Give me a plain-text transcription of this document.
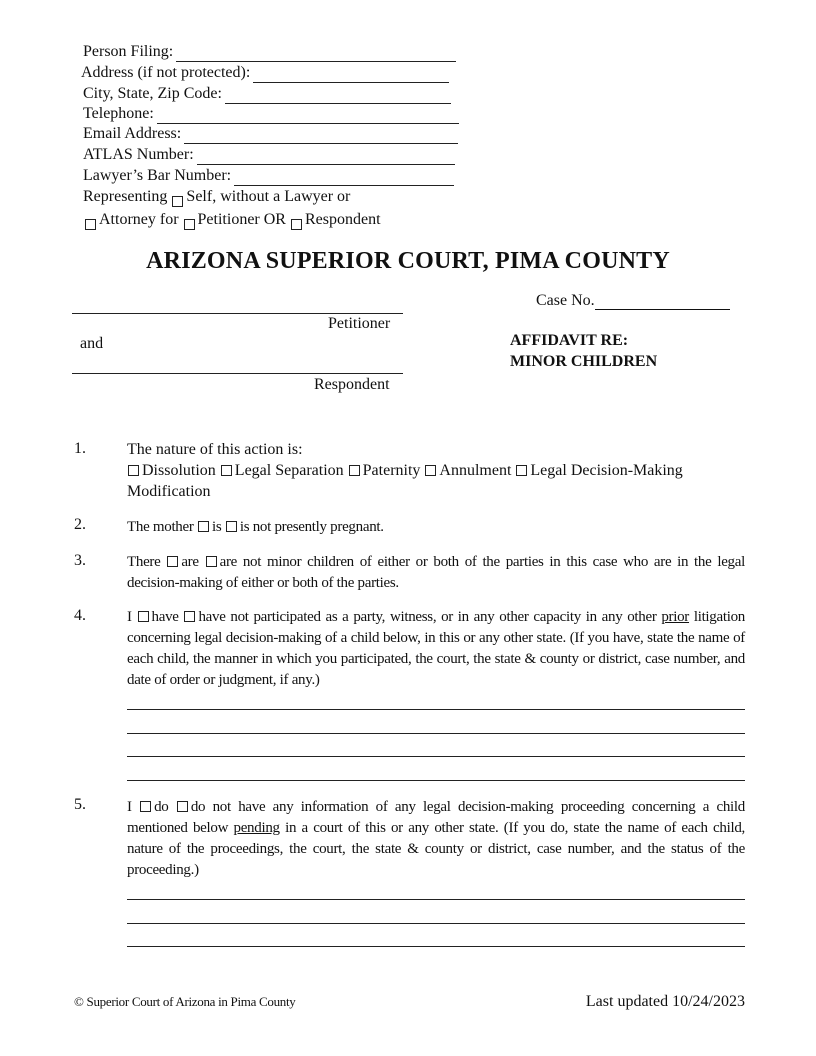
Person Filing:
Address (if not protected):
City, State, Zip Code:
Telephone:
Email Address:
ATLAS Number:
Lawyer’s Bar Number:
Representing
Self, without a Lawyer or
Attorney for
Petitioner OR
Respondent
ARIZONA SUPERIOR COURT, PIMA COUNTY
Case No.
Petitioner
and
Respondent
AFFIDAVIT RE:
MINOR CHILDREN
1.	The nature of this action is:
Dissolution Legal Separation Paternity Annulment Legal Decision-Making
Modification
2.	The mother is is not presently pregnant.
3.	There are are not minor children of either or both of the parties in this case who are in the legal decision-making of either or both of the parties.
4.	I have have not participated as a party, witness, or in any other capacity in any other prior litigation concerning legal decision-making of a child below, in this or any other state. (If you have, state the name of each child, the manner in which you participated, the court, the state & county or district, case number, and date of order or judgment, if any.)
5.	I do do not have any information of any legal decision-making proceeding concerning a child mentioned below pending in a court of this or any other state. (If you do, state the name of each child, nature of the proceedings, the court, the state & county or district, case number, and the status of the proceeding.)
© Superior Court of Arizona in Pima County	Last updated 10/24/2023
